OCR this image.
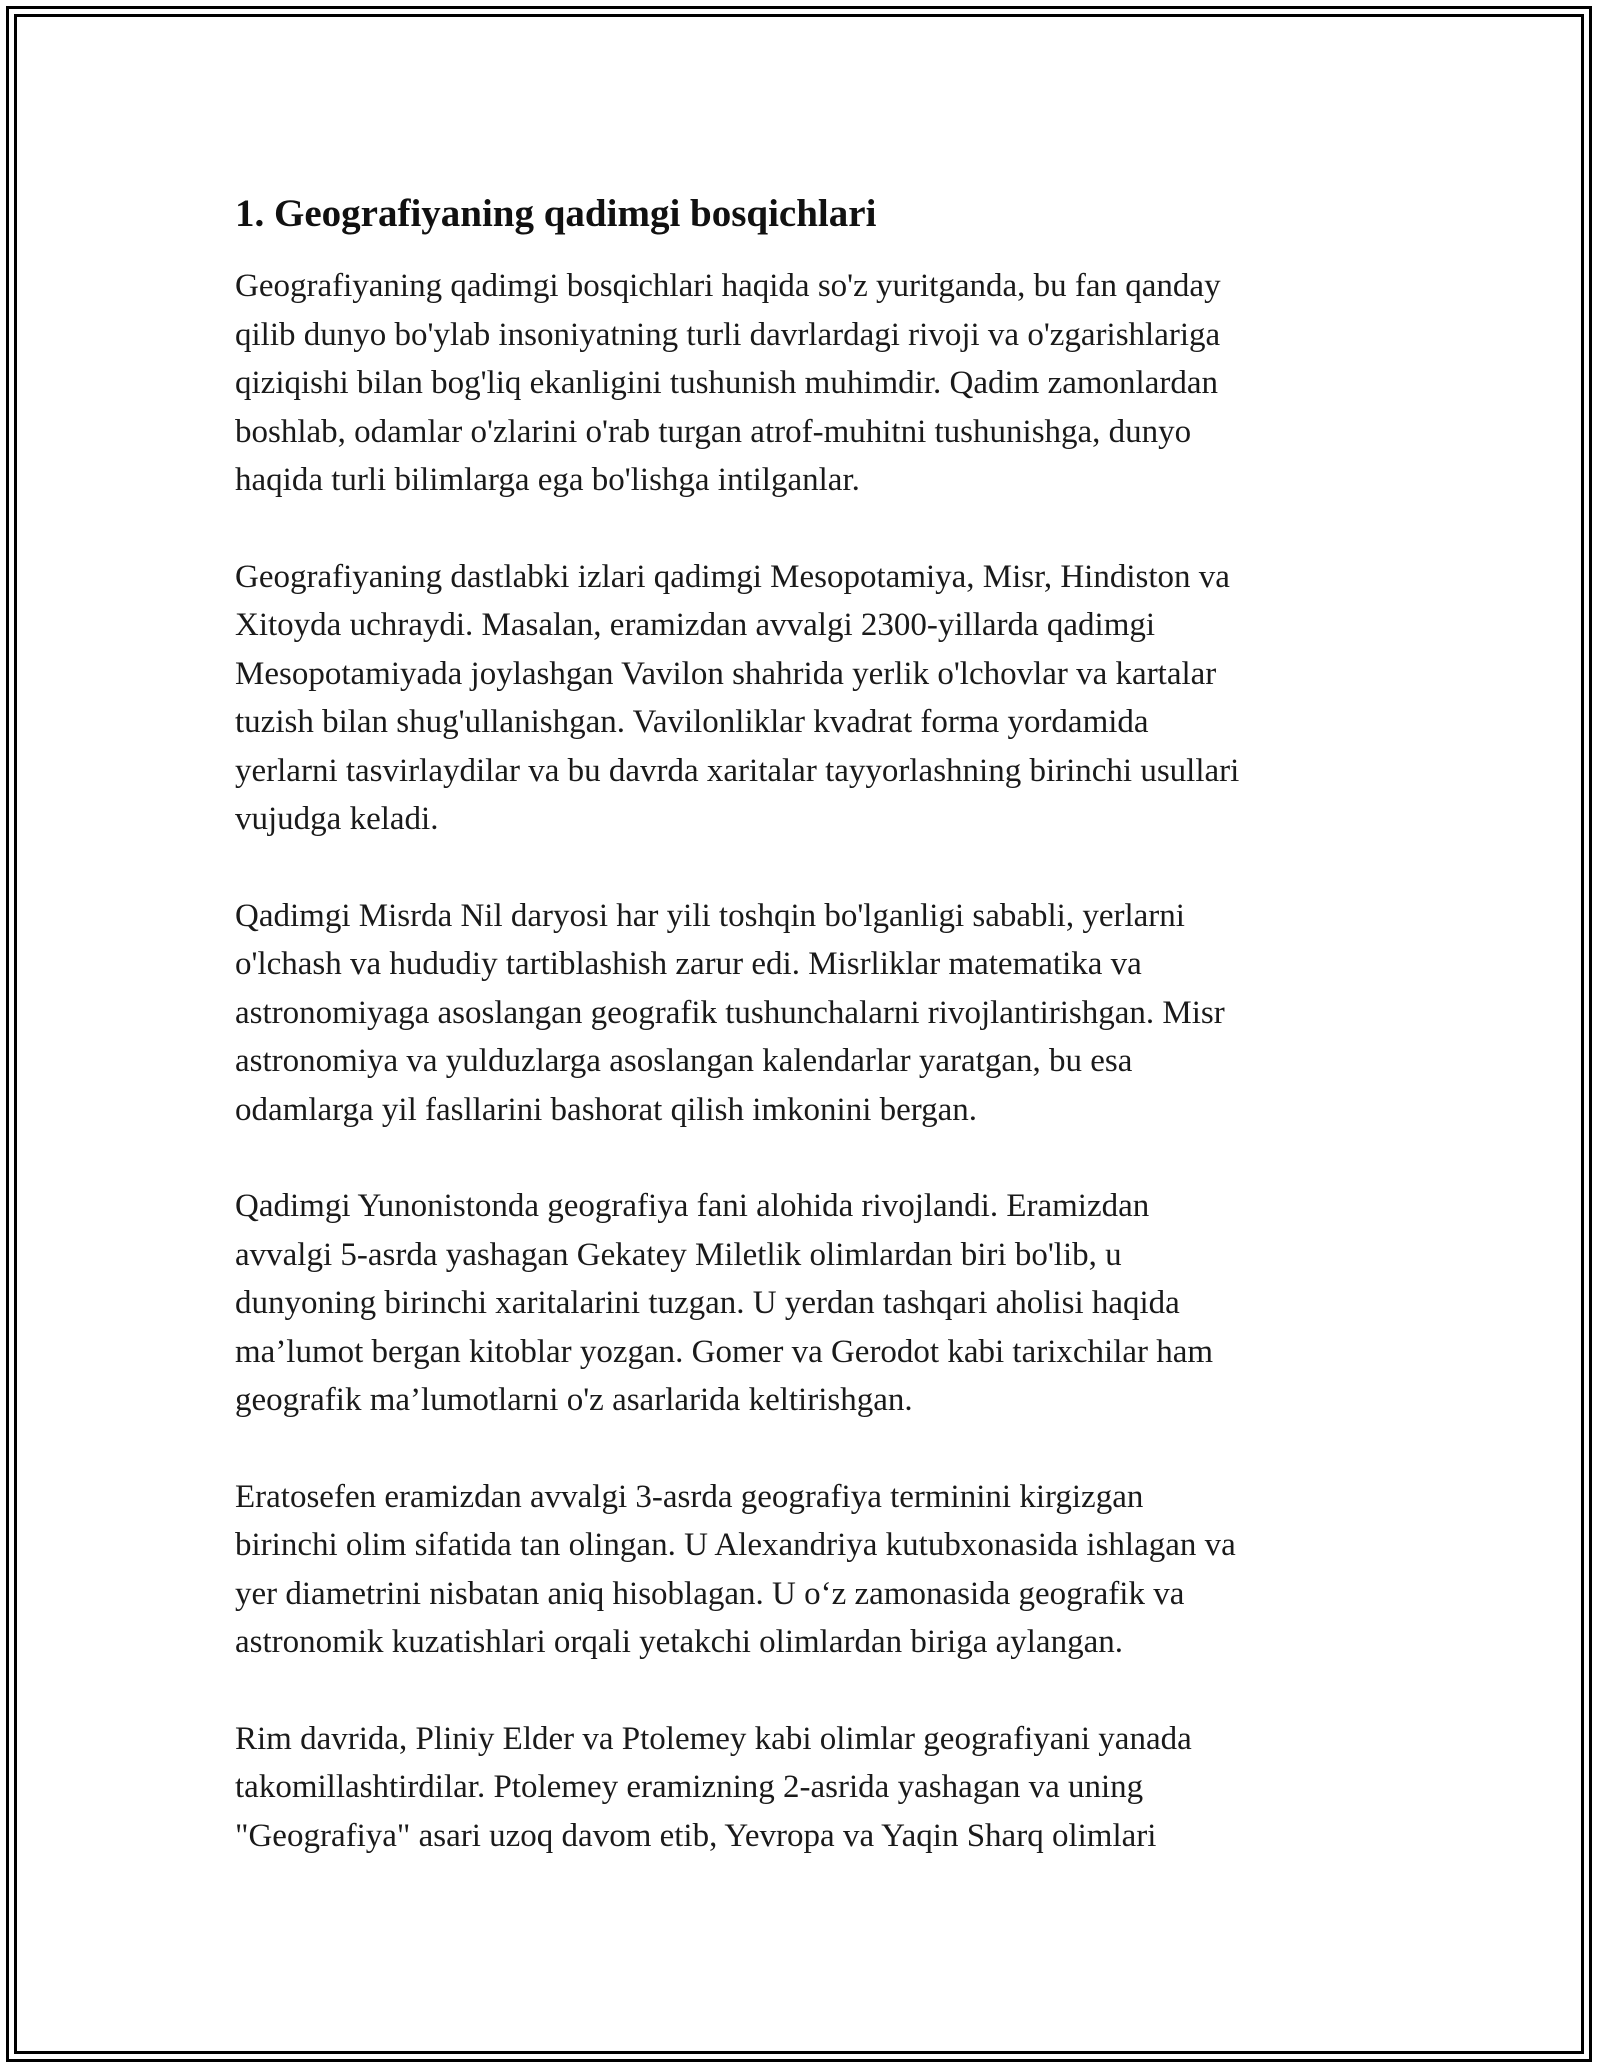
1. Geografiyaning qadimgi bosqichlari

Geografiyaning qadimgi bosqichlari haqida so'z yuritganda, bu fan qanday
qilib dunyo bo'ylab insoniyatning turli davrlardagi rivoji va o'zgarishlariga
qiziqishi bilan bog'liq ekanligini tushunish muhimdir. Qadim zamonlardan
boshlab, odamlar o'zlarini o'rab turgan atrof-muhitni tushunishga, dunyo
haqida turli bilimlarga ega bo'lishga intilganlar.

Geografiyaning dastlabki izlari qadimgi Mesopotamiya, Misr, Hindiston va
Xitoyda uchraydi. Masalan, eramizdan avvalgi 2300-yillarda qadimgi
Mesopotamiyada joylashgan Vavilon shahrida yerlik o'lchovlar va kartalar
tuzish bilan shug'ullanishgan. Vavilonliklar kvadrat forma yordamida
yerlarni tasvirlaydilar va bu davrda xaritalar tayyorlashning birinchi usullari
vujudga keladi.

Qadimgi Misrda Nil daryosi har yili toshqin bo'lganligi sababli, yerlarni
o'lchash va hududiy tartiblashish zarur edi. Misrliklar matematika va
astronomiyaga asoslangan geografik tushunchalarni rivojlantirishgan. Misr
astronomiya va yulduzlarga asoslangan kalendarlar yaratgan, bu esa
odamlarga yil fasllarini bashorat qilish imkonini bergan.

Qadimgi Yunonistonda geografiya fani alohida rivojlandi. Eramizdan
avvalgi 5-asrda yashagan Gekatey Miletlik olimlardan biri bo'lib, u
dunyoning birinchi xaritalarini tuzgan. U yerdan tashqari aholisi haqida
ma’lumot bergan kitoblar yozgan. Gomer va Gerodot kabi tarixchilar ham
geografik ma’lumotlarni o'z asarlarida keltirishgan.

Eratosefen eramizdan avvalgi 3-asrda geografiya terminini kirgizgan
birinchi olim sifatida tan olingan. U Alexandriya kutubxonasida ishlagan va
yer diametrini nisbatan aniq hisoblagan. U o‘z zamonasida geografik va
astronomik kuzatishlari orqali yetakchi olimlardan biriga aylangan.

Rim davrida, Pliniy Elder va Ptolemey kabi olimlar geografiyani yanada
takomillashtirdilar. Ptolemey eramizning 2-asrida yashagan va uning
"Geografiya" asari uzoq davom etib, Yevropa va Yaqin Sharq olimlari
